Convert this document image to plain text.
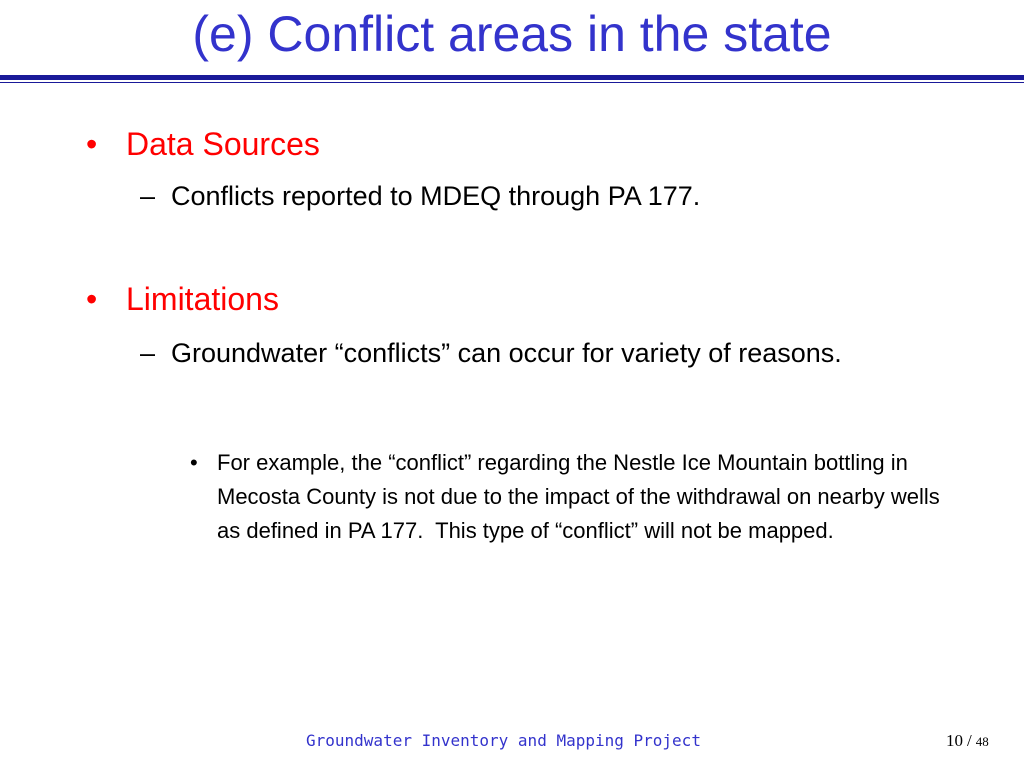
(e) Conflict areas in the state
• Data Sources
– Conflicts reported to MDEQ through PA 177.
• Limitations
– Groundwater “conflicts” can occur for variety of reasons.
• For example, the “conflict” regarding the Nestle Ice Mountain bottling in Mecosta County is not due to the impact of the withdrawal on nearby wells as defined in PA 177.  This type of “conflict” will not be mapped.
Groundwater Inventory and Mapping Project	10 / 48
